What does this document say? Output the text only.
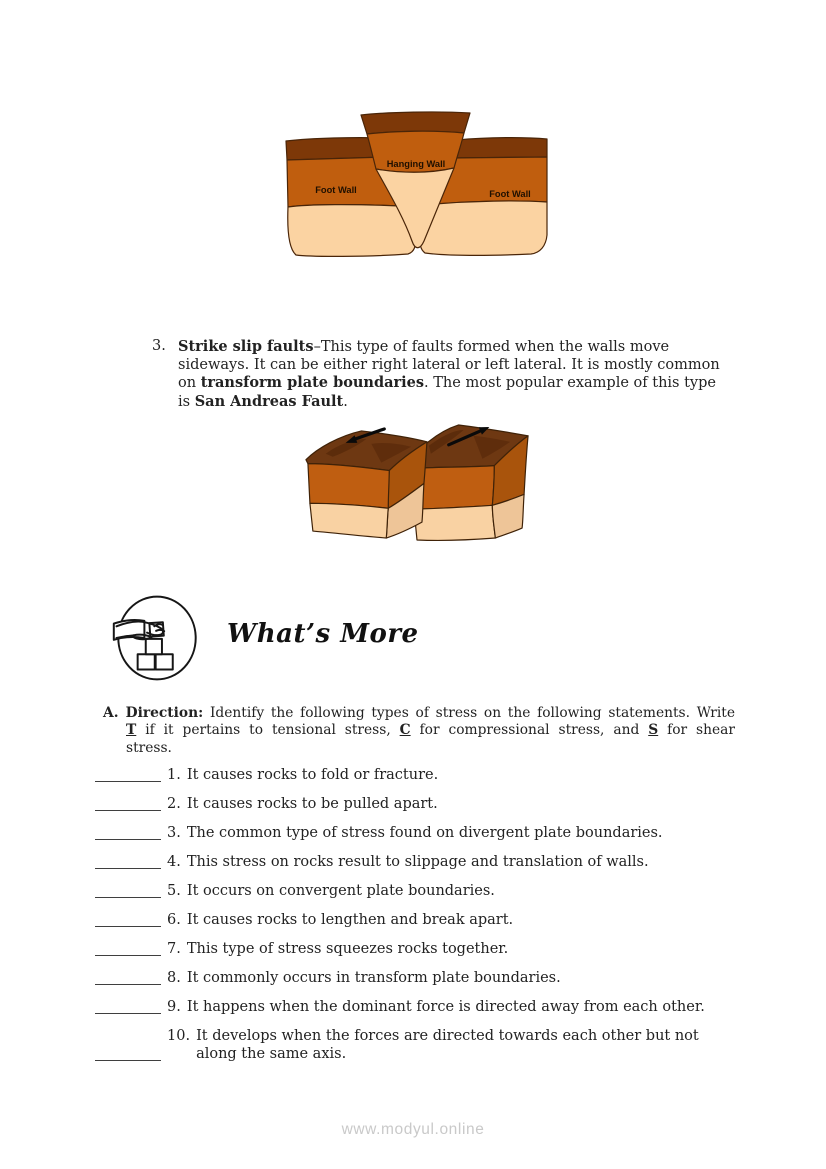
Hanging Wall
Foot Wall	Foot Wall
3. Strike slip faults–This type of faults formed when the walls move
sideways. It can be either right lateral or left lateral. It is mostly common
on transform plate boundaries. The most popular example of this type
is San Andreas Fault.
What’s More
A. Direction: Identify the following types of stress on the following statements. Write
T if it pertains to tensional stress, C for compressional stress, and S for shear
stress.
1. It causes rocks to fold or fracture.
2. It causes rocks to be pulled apart.
3. The common type of stress found on divergent plate boundaries.
4. This stress on rocks result to slippage and translation of walls.
5. It occurs on convergent plate boundaries.
6. It causes rocks to lengthen and break apart.
7. This type of stress squeezes rocks together.
8. It commonly occurs in transform plate boundaries.
9. It happens when the dominant force is directed away from each other.
10. It develops when the forces are directed towards each other but not
along the same axis.
www.modyul.online
